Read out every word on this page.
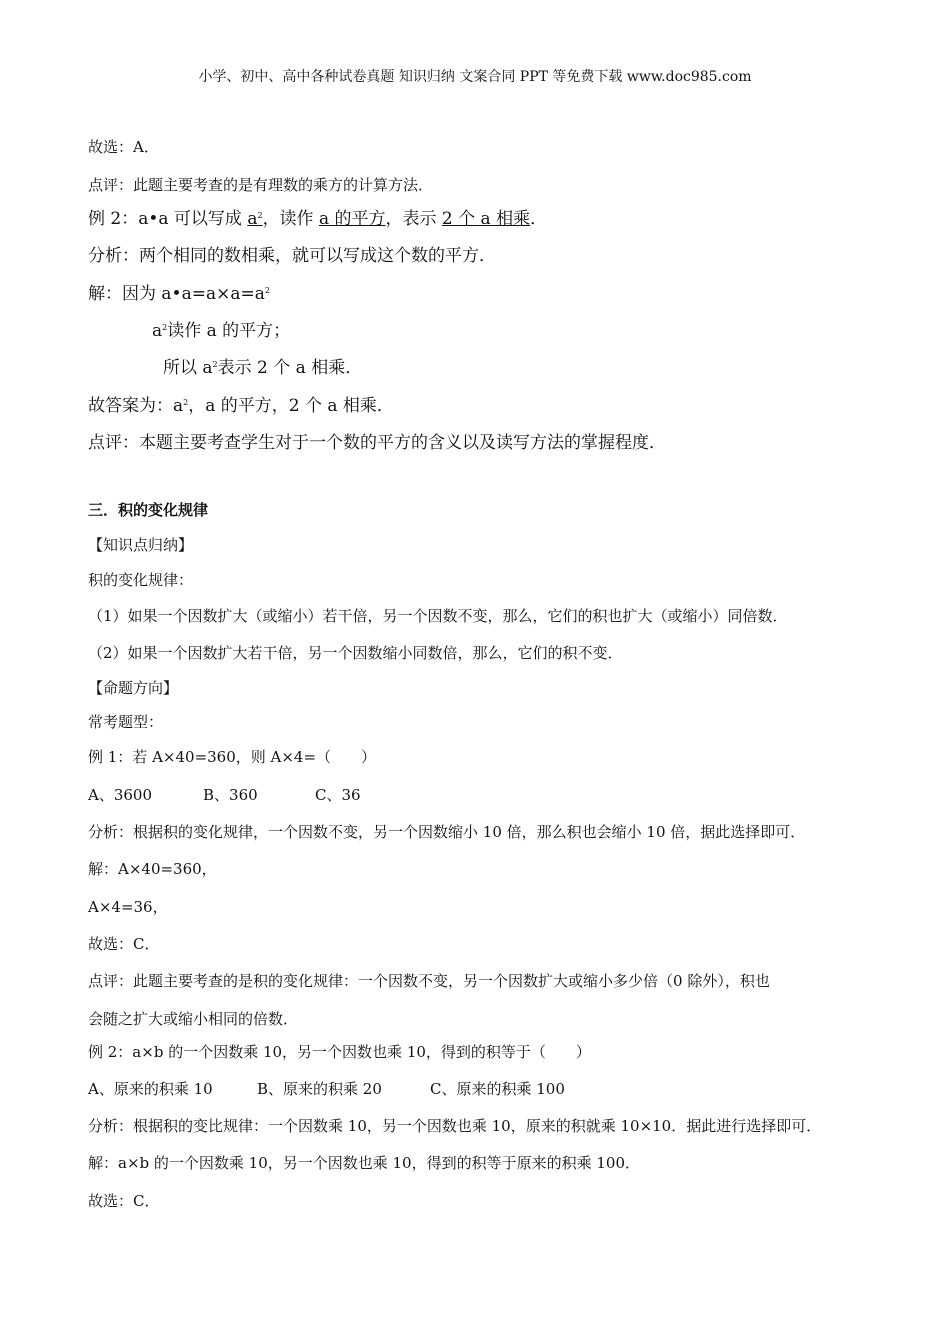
小学、初中、高中各种试卷真题 知识归纳 文案合同 PPT 等免费下载 www.doc985.com
故选：A．
点评：此题主要考查的是有理数的乘方的计算方法．
例 2：a•a 可以写成 $a^2$，读作 a 的平方，表示 2 个 a 相乘．
分析：两个相同的数相乘，就可以写成这个数的平方．
解：因为 $a•a=a\times a=a^2$
$a^2$读作 a 的平方；
所以 $a^2$表示 2 个 a 相乘．
故答案为：$a^2$，a 的平方，2 个 a 相乘．
点评：本题主要考查学生对于一个数的平方的含义以及读写方法的掌握程度．
三．积的变化规律
【知识点归纳】
积的变化规律：
（1）如果一个因数扩大（或缩小）若干倍，另一个因数不变，那么，它们的积也扩大（或缩小）同倍数．
（2）如果一个因数扩大若干倍，另一个因数缩小同数倍，那么，它们的积不变．
【命题方向】
常考题型：
例 1：若 A×40=360，则 A×4=（　　）
A、3600	B、360	C、36
分析：根据积的变化规律，一个因数不变，另一个因数缩小 10 倍，那么积也会缩小 10 倍，据此选择即可．
解：A×40=360，
A×4=36，
故选：C．
点评：此题主要考查的是积的变化规律：一个因数不变，另一个因数扩大或缩小多少倍（0 除外），积也
会随之扩大或缩小相同的倍数．
例 2：a×b 的一个因数乘 10，另一个因数也乘 10，得到的积等于（　　）
A、原来的积乘 10	B、原来的积乘 20	C、原来的积乘 100
分析：根据积的变比规律：一个因数乘 10，另一个因数也乘 10，原来的积就乘 10×10．据此进行选择即可．
解：a×b 的一个因数乘 10，另一个因数也乘 10，得到的积等于原来的积乘 100．
故选：C．
